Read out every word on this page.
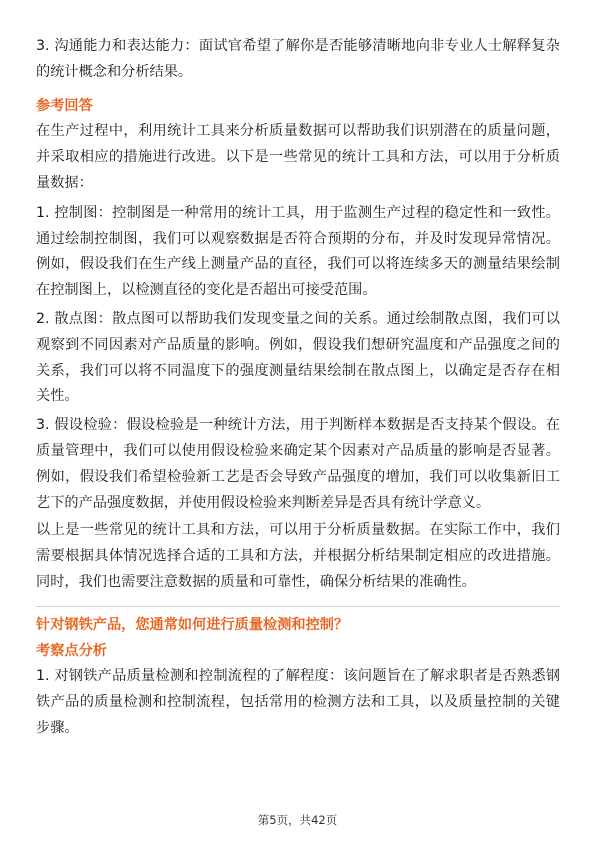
3. 沟通能力和表达能力：面试官希望了解你是否能够清晰地向非专业人士解释复杂的统计概念和分析结果。

参考回答

在生产过程中，利用统计工具来分析质量数据可以帮助我们识别潜在的质量问题，并采取相应的措施进行改进。以下是一些常见的统计工具和方法，可以用于分析质量数据：

1. 控制图：控制图是一种常用的统计工具，用于监测生产过程的稳定性和一致性。通过绘制控制图，我们可以观察数据是否符合预期的分布，并及时发现异常情况。例如，假设我们在生产线上测量产品的直径，我们可以将连续多天的测量结果绘制在控制图上，以检测直径的变化是否超出可接受范围。

2. 散点图：散点图可以帮助我们发现变量之间的关系。通过绘制散点图，我们可以观察到不同因素对产品质量的影响。例如，假设我们想研究温度和产品强度之间的关系，我们可以将不同温度下的强度测量结果绘制在散点图上，以确定是否存在相关性。

3. 假设检验：假设检验是一种统计方法，用于判断样本数据是否支持某个假设。在质量管理中，我们可以使用假设检验来确定某个因素对产品质量的影响是否显著。例如，假设我们希望检验新工艺是否会导致产品强度的增加，我们可以收集新旧工艺下的产品强度数据，并使用假设检验来判断差异是否具有统计学意义。

以上是一些常见的统计工具和方法，可以用于分析质量数据。在实际工作中，我们需要根据具体情况选择合适的工具和方法，并根据分析结果制定相应的改进措施。同时，我们也需要注意数据的质量和可靠性，确保分析结果的准确性。

针对钢铁产品，您通常如何进行质量检测和控制？
考察点分析

1. 对钢铁产品质量检测和控制流程的了解程度：该问题旨在了解求职者是否熟悉钢铁产品的质量检测和控制流程，包括常用的检测方法和工具，以及质量控制的关键步骤。

第5页，共42页
